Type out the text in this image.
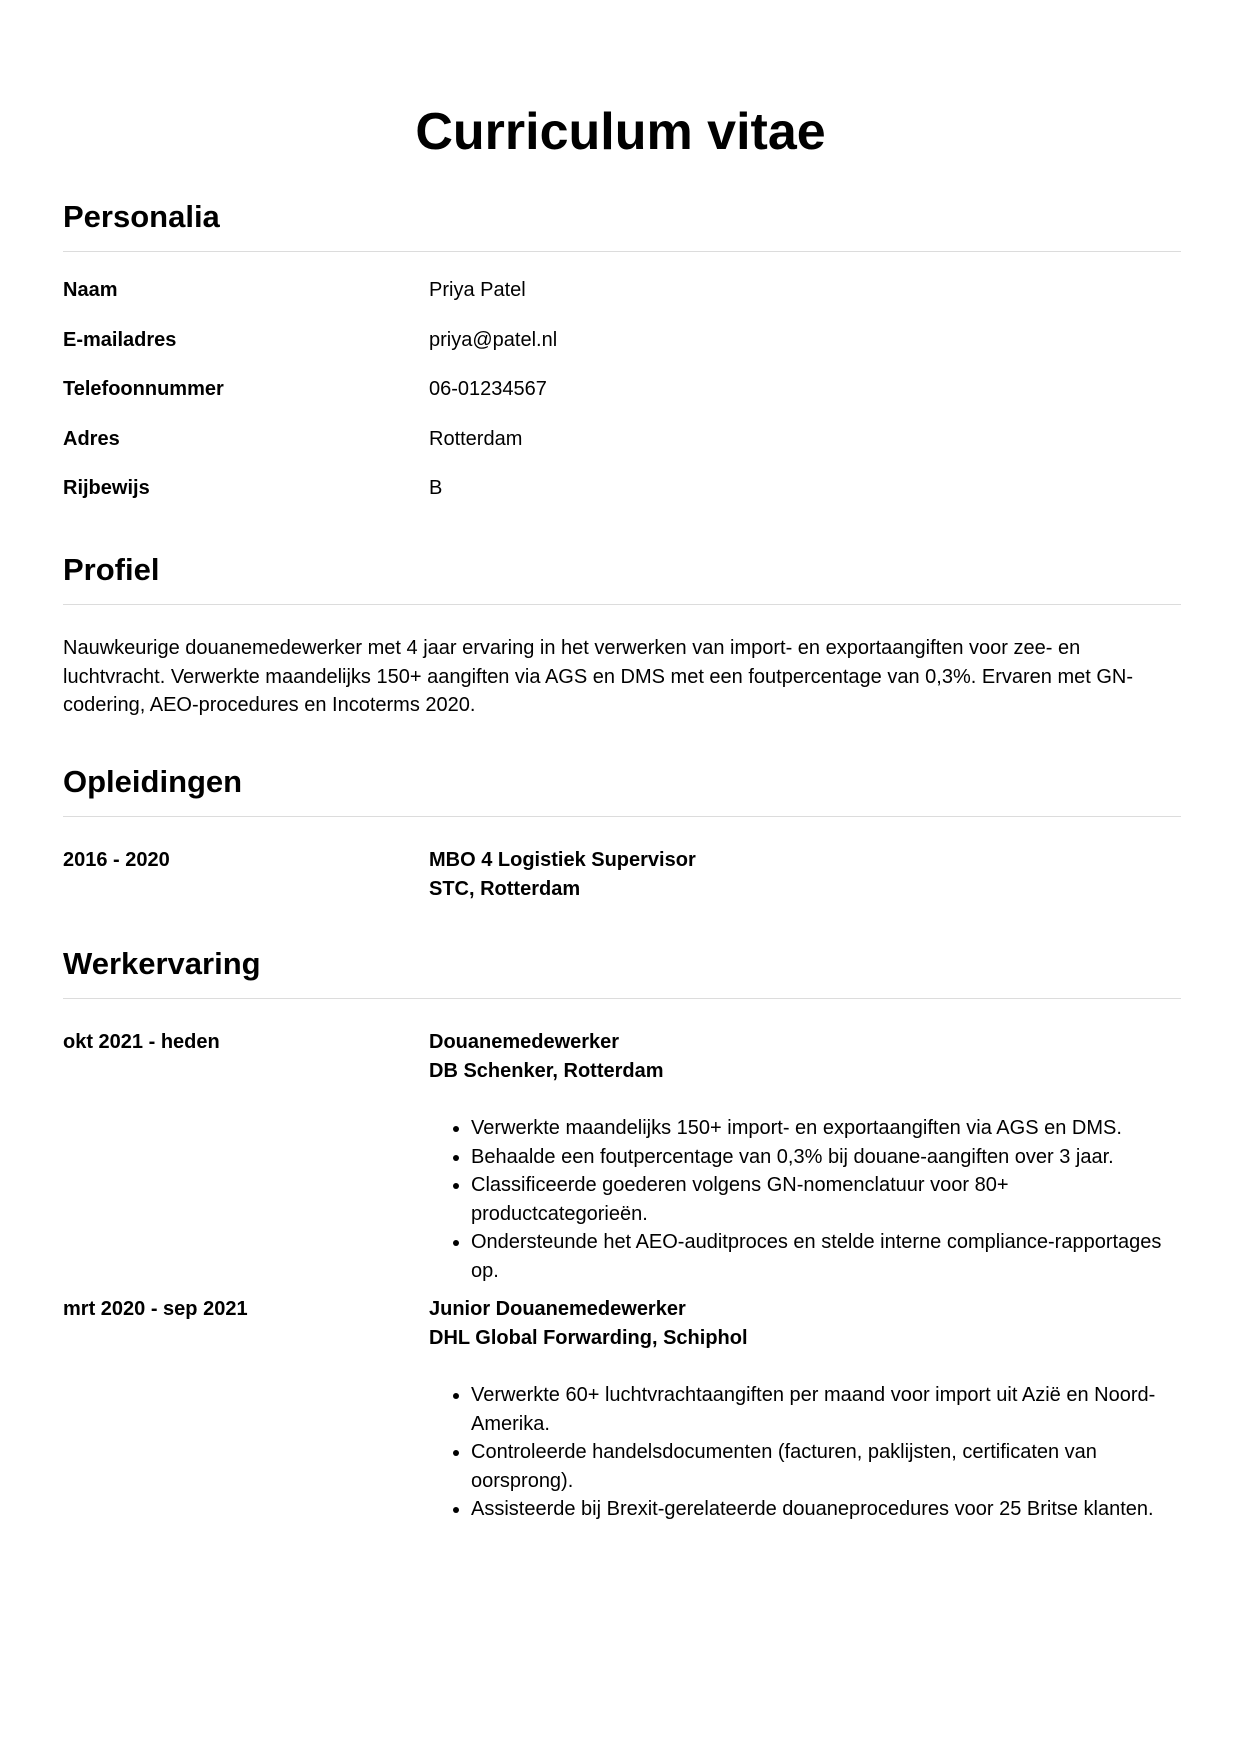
Curriculum vitae
Personalia
Naam	Priya Patel
E-mailadres	priya@patel.nl
Telefoonnummer	06-01234567
Adres	Rotterdam
Rijbewijs	B
Profiel

Nauwkeurige douanemedewerker met 4 jaar ervaring in het verwerken van import- en exportaangiften voor zee- en luchtvracht. Verwerkte maandelijks 150+ aangiften via AGS en DMS met een foutpercentage van 0,3%. Ervaren met GN-codering, AEO-procedures en Incoterms 2020.

Opleidingen
2016 - 2020	MBO 4 Logistiek Supervisor
STC, Rotterdam
Werkervaring
okt 2021 - heden	Douanemedewerker
DB Schenker, Rotterdam
• Verwerkte maandelijks 150+ import- en exportaangiften via AGS en DMS.
• Behaalde een foutpercentage van 0,3% bij douane-aangiften over 3 jaar.
• Classificeerde goederen volgens GN-nomenclatuur voor 80+ productcategorieën.
• Ondersteunde het AEO-auditproces en stelde interne compliance-rapportages op.
mrt 2020 - sep 2021	Junior Douanemedewerker
DHL Global Forwarding, Schiphol
• Verwerkte 60+ luchtvrachtaangiften per maand voor import uit Azië en Noord-Amerika.
• Controleerde handelsdocumenten (facturen, paklijsten, certificaten van oorsprong).
• Assisteerde bij Brexit-gerelateerde douaneprocedures voor 25 Britse klanten.
